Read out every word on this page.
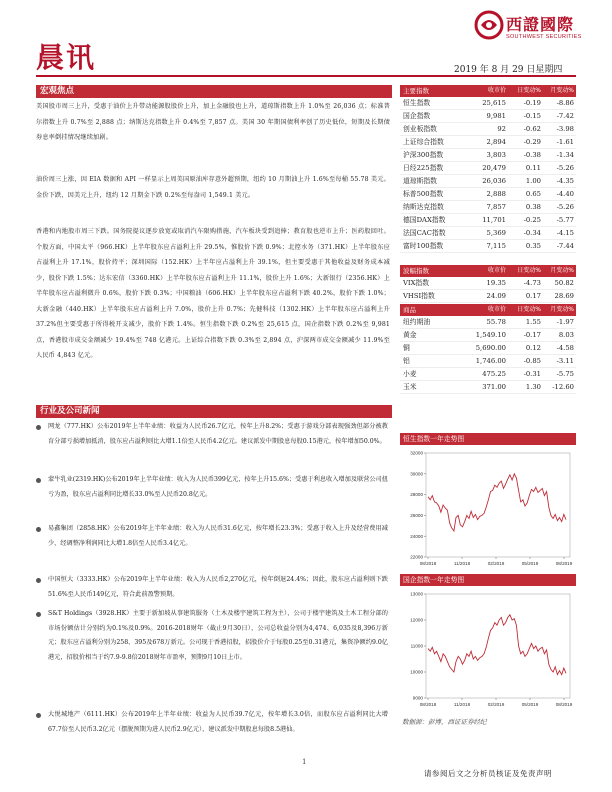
晨讯
西證國際
SOUTHWEST SECURITIES
2019 年 8 月 29 日星期四
宏观焦点
美国股市周三上升，受惠于油价上升带动能源股股价上升，加上金融股也上升，道琼斯指数上升 1.0%至 26,036 点；标准普尔指数上升 0.7%至 2,888 点；纳斯达克指数上升 0.4%至 7,857 点。美国 30 年期国债利率创了历史低位，短期及长期债券息率倒挂情况继续加剧。
油价周三上涨，因 EIA 数据和 API 一样显示上周美国原油库存意外超预期，纽约 10 月期油上升 1.6%至每桶 55.78 美元。金价下跌，因美元上升，纽约 12 月期金下跌 0.2%至每盎司 1,549.1 美元。
香港和内地股市周三下跌。国务院提议逐步放宽或取消汽车限购措施，汽车板块受到追捧；教育股也逆市上升；医药股回吐。个股方面，中国太平（966.HK）上半年股东应占溢利上升 29.5%，惟股价下跌 0.9%；北控水务（371.HK）上半年股东应占溢利上升 17.1%，股价持平；深圳国际（152.HK）上半年应占溢利上升 39.1%，但主要受惠于其他收益及财务成本减少，股价下跌 1.5%；达东宏信（3360.HK）上半年股东应占溢利上升 11.1%，股价上升 1.6%；大新银行（2356.HK）上半年股东应占溢利微升 0.6%，股价下跌 0.3%；中国粮油（606.HK）上半年股东应占溢利下跌 40.2%，股价下跌 1.0%；大新金融（440.HK）上半年股东应占溢利上升 7.0%，股价上升 0.7%；先健科技（1302.HK）上半年股东应占溢利上升 37.2%但主要受惠于所得税开支减少，股价下跌 1.4%。恒生指数下跌 0.2%至 25,615 点，国企指数下跌 0.2%至 9,981 点，香港股市成交金额减少 19.4%至 748 亿港元。上证综合指数下跌 0.3%至 2,894 点，沪深两市成交金额减少 11.9%至人民币 4,843 亿元。
行业及公司新闻
网龙（777.HK）公布2019年上半年业绩：收益为人民币26.7亿元，按年上升8.2%；受惠于游戏分部表现强劲但部分被教育分部亏损增加抵消，股东应占溢利则比大增1.1倍至人民币4.2亿元。建议派发中期股息每股0.15港元，按年增加50.0%。
蒙牛乳业(2319.HK)公布2019年上半年业绩：收入为人民币399亿元，按年上升15.6%；受惠于利息收入增加及联营公司扭亏为盈，股东应占溢利同比增长33.0%至人民币20.8亿元。
易鑫集团（2858.HK）公布2019年上半年业绩：收入为人民币31.6亿元，按年增长23.3%；受惠于收入上升及经营费用减少，经调整净利润同比大增1.8倍至人民币3.4亿元。
中国恒大（3333.HK）公布2019年上半年业绩：收入为人民币2,270亿元，按年倒退24.4%；因此，股东应占溢利则下跌51.6%至人民币149亿元，符合此前盈警预期。
S&T Holdings（3928.HK）主要于新加坡从事建筑服务（土木及楼宇建筑工程为主），公司于楼宇建筑及土木工程分部的市场份额估计分别约为0.1%及0.9%。2016-2018财年（截止9月30日），公司总收益分别为4,474、6,035及8,396万新元；股东应占溢利分别为258、395及678万新元。公司现于香港招股，招股价介于每股0.25至0.31港元，集资净额约9.0亿港元，招股价相当于约7.9-9.8倍2018财年市盈率，预期9月10日上市。
大悦城地产（6111.HK）公布2019年上半年业绩：收益为人民币39.7亿元，按年增长3.0倍，而股东应占溢利同比大增67.7倍至人民币3.2亿元（摆脱预期为进人民币2.9亿元），建议派发中期股息每股8.5港仙。
主要指数	收市价	日变动%	月变动%
恒生指数	25,615	-0.19	-8.86
国企指数	9,981	-0.15	-7.42
创业板指数	92	-0.62	-3.98
上证综合指数	2,894	-0.29	-1.61
沪深300指数	3,803	-0.38	-1.34
日经225指数	20,479	0.11	-5.26
道琼斯指数	26,036	1.00	-4.35
标普500指数	2,888	0.65	-4.40
纳斯达克指数	7,857	0.38	-5.26
德国DAX指数	11,701	-0.25	-5.77
法国CAC指数	5,369	-0.34	-4.15
富时100指数	7,115	0.35	-7.44
波幅指数	收市价	日变动%	月变动%
VIX指数	19.35	-4.73	50.82
VHSI指数	24.09	0.17	28.69
商品	收市价	日变动%	月变动%
纽约期油	55.78	1.55	-1.97
黄金	1,549.10	-0.17	8.03
铜	5,690.00	0.12	-4.58
铝	1,746.00	-0.85	-3.11
小麦	475.25	-0.31	-5.75
玉米	371.00	1.30	-12.60
恒生指数一年走势图
22000
24000
26000
28000
30000
32000
08/2018	11/2018	02/2019	05/2019	08/2019
国企指数一年走势图
9000
10000
11000
12000
13000
08/2018	11/2018	02/2019	05/2019	08/2019
数据源：彭博，西证证券经纪
1
请参阅后文之分析员核证及免责声明
